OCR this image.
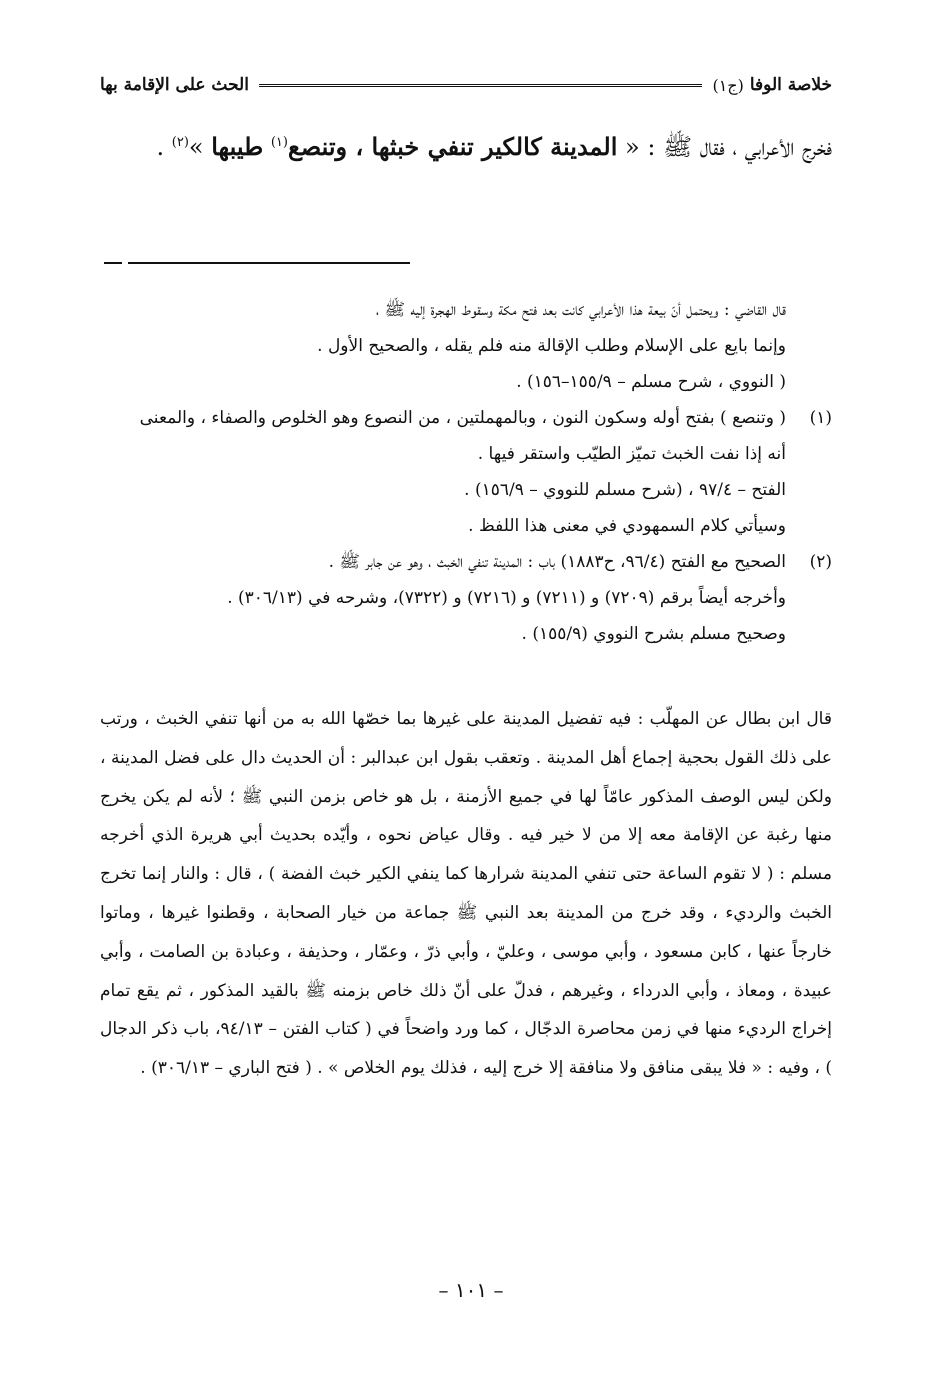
خلاصة الوفا
(ج١)
الحث على الإقامة بها
فخرج الأعرابي ، فقال ﷺ : « المدينة كالكير تنفي خبثها ، وتنصع$^{(١)}$ طيبها »$^{(٢)}$ .
قال القاضي : ويحتمل أنّ بيعة هذا الأعرابي كانت بعد فتح مكة وسقوط الهجرة إليه ﷺ ،
وإنما بايع على الإسلام وطلب الإقالة منه فلم يقله ، والصحيح الأول .
( النووي ، شرح مسلم – ١٥٥/٩–١٥٦) .
(١)( وتنصع ) بفتح أوله وسكون النون ، وبالمهملتين ، من النصوع وهو الخلوص والصفاء ، والمعنى
أنه إذا نفت الخبث تميّز الطيّب واستقر فيها .
الفتح – ٩٧/٤ ، (شرح مسلم للنووي – ١٥٦/٩) .
وسيأتي كلام السمهودي في معنى هذا اللفظ .
(٢)الصحيح مع الفتح (٩٦/٤، ح١٨٨٣) باب : المدينة تنفي الخبث ، وهو عن جابر ﷺ .
وأخرجه أيضاً برقم (٧٢٠٩) و (٧٢١١) و (٧٢١٦) و (٧٣٢٢)، وشرحه في (٣٠٦/١٣) .
وصحيح مسلم بشرح النووي (١٥٥/٩) .
قال ابن بطال عن المهلّب : فيه تفضيل المدينة على غيرها بما خصّها الله به من أنها تنفي الخبث ، ورتب على ذلك القول بحجية إجماع أهل المدينة . وتعقب بقول ابن عبدالبر : أن الحديث دال على فضل المدينة ، ولكن ليس الوصف المذكور عامّاً لها في جميع الأزمنة ، بل هو خاص بزمن النبي ﷺ ؛ لأنه لم يكن يخرج منها رغبة عن الإقامة معه إلا من لا خير فيه . وقال عياض نحوه ، وأيّده بحديث أبي هريرة الذي أخرجه مسلم : ( لا تقوم الساعة حتى تنفي المدينة شرارها كما ينفي الكير خبث الفضة ) ، قال : والنار إنما تخرج الخبث والرديء ، وقد خرج من المدينة بعد النبي ﷺ جماعة من خيار الصحابة ، وقطنوا غيرها ، وماتوا خارجاً عنها ، كابن مسعود ، وأبي موسى ، وعليّ ، وأبي ذرّ ، وعمّار ، وحذيفة ، وعبادة بن الصامت ، وأبي عبيدة ، ومعاذ ، وأبي الدرداء ، وغيرهم ، فدلّ على أنّ ذلك خاص بزمنه ﷺ بالقيد المذكور ، ثم يقع تمام إخراج الرديء منها في زمن محاصرة الدجّال ، كما ورد واضحاً في ( كتاب الفتن – ٩٤/١٣، باب ذكر الدجال ) ، وفيه : « فلا يبقى منافق ولا منافقة إلا خرج إليه ، فذلك يوم الخلاص » . ( فتح الباري – ٣٠٦/١٣) .
– ١٠١ –
